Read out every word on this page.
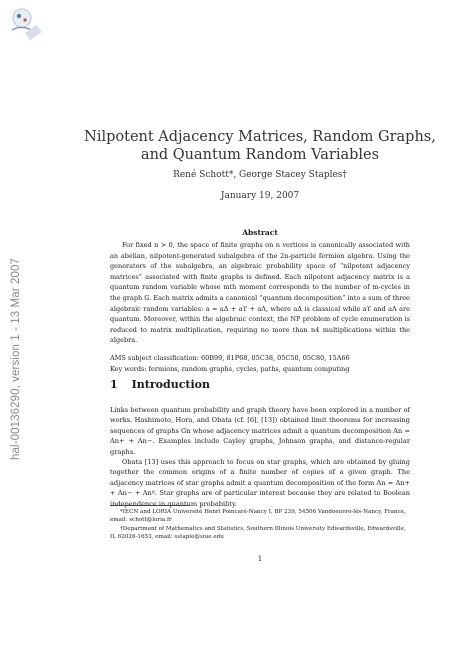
hal-00136290, version 1 - 13 Mar 2007
Nilpotent Adjacency Matrices, Random Graphs,
and Quantum Random Variables
René Schott*, George Stacey Staples†
January 19, 2007
Abstract

For fixed n > 0, the space of finite graphs on n vertices is canonically associated with an abelian, nilpotent-generated subalgebra of the 2n-particle fermion algebra. Using the generators of the subalgebra, an algebraic probability space of “nilpotent adjacency matrices” associated with finite graphs is defined. Each nilpotent adjacency matrix is a quantum random variable whose mth moment corresponds to the number of m-cycles in the graph G. Each matrix admits a canonical “quantum decomposition” into a sum of three algebraic random variables: a = aΔ + aϒ + aΛ, where aΔ is classical while aϒ and aΛ are quantum. Moreover, within the algebraic context, the NP problem of cycle enumeration is reduced to matrix multiplication, requiring no more than n4 multiplications within the algebra.

AMS subject classification: 60B99, 81P68, 05C38, 05C50, 05C80, 15A66
Key words: fermions, random graphs, cycles, paths, quantum computing
1 Introduction

Links between quantum probability and graph theory have been explored in a number of works. Hashimoto, Hora, and Obata (cf. [6], [13]) obtained limit theorems for increasing sequences of graphs Gn whose adjacency matrices admit a quantum decomposition An = An+ + An−. Examples include Cayley graphs, Johnson graphs, and distance-regular graphs.

Obata [13] uses this approach to focus on star graphs, which are obtained by gluing together the common origins of a finite number of copies of a given graph. The adjacency matrices of star graphs admit a quantum decomposition of the form An = An+ + An− + Anº. Star graphs are of particular interest because they are related to Boolean independence in quantum probability.

*IECN and LORIA Université Henri Poincaré-Nancy I, BP 239, 54506 Vandoeuvre-lès-Nancy, France, email: schott@loria.fr

†Department of Mathematics and Statistics, Southern Illinois University Edwardsville, Edwardsville, IL 62026-1653, email: sstaple@siue.edu

1
